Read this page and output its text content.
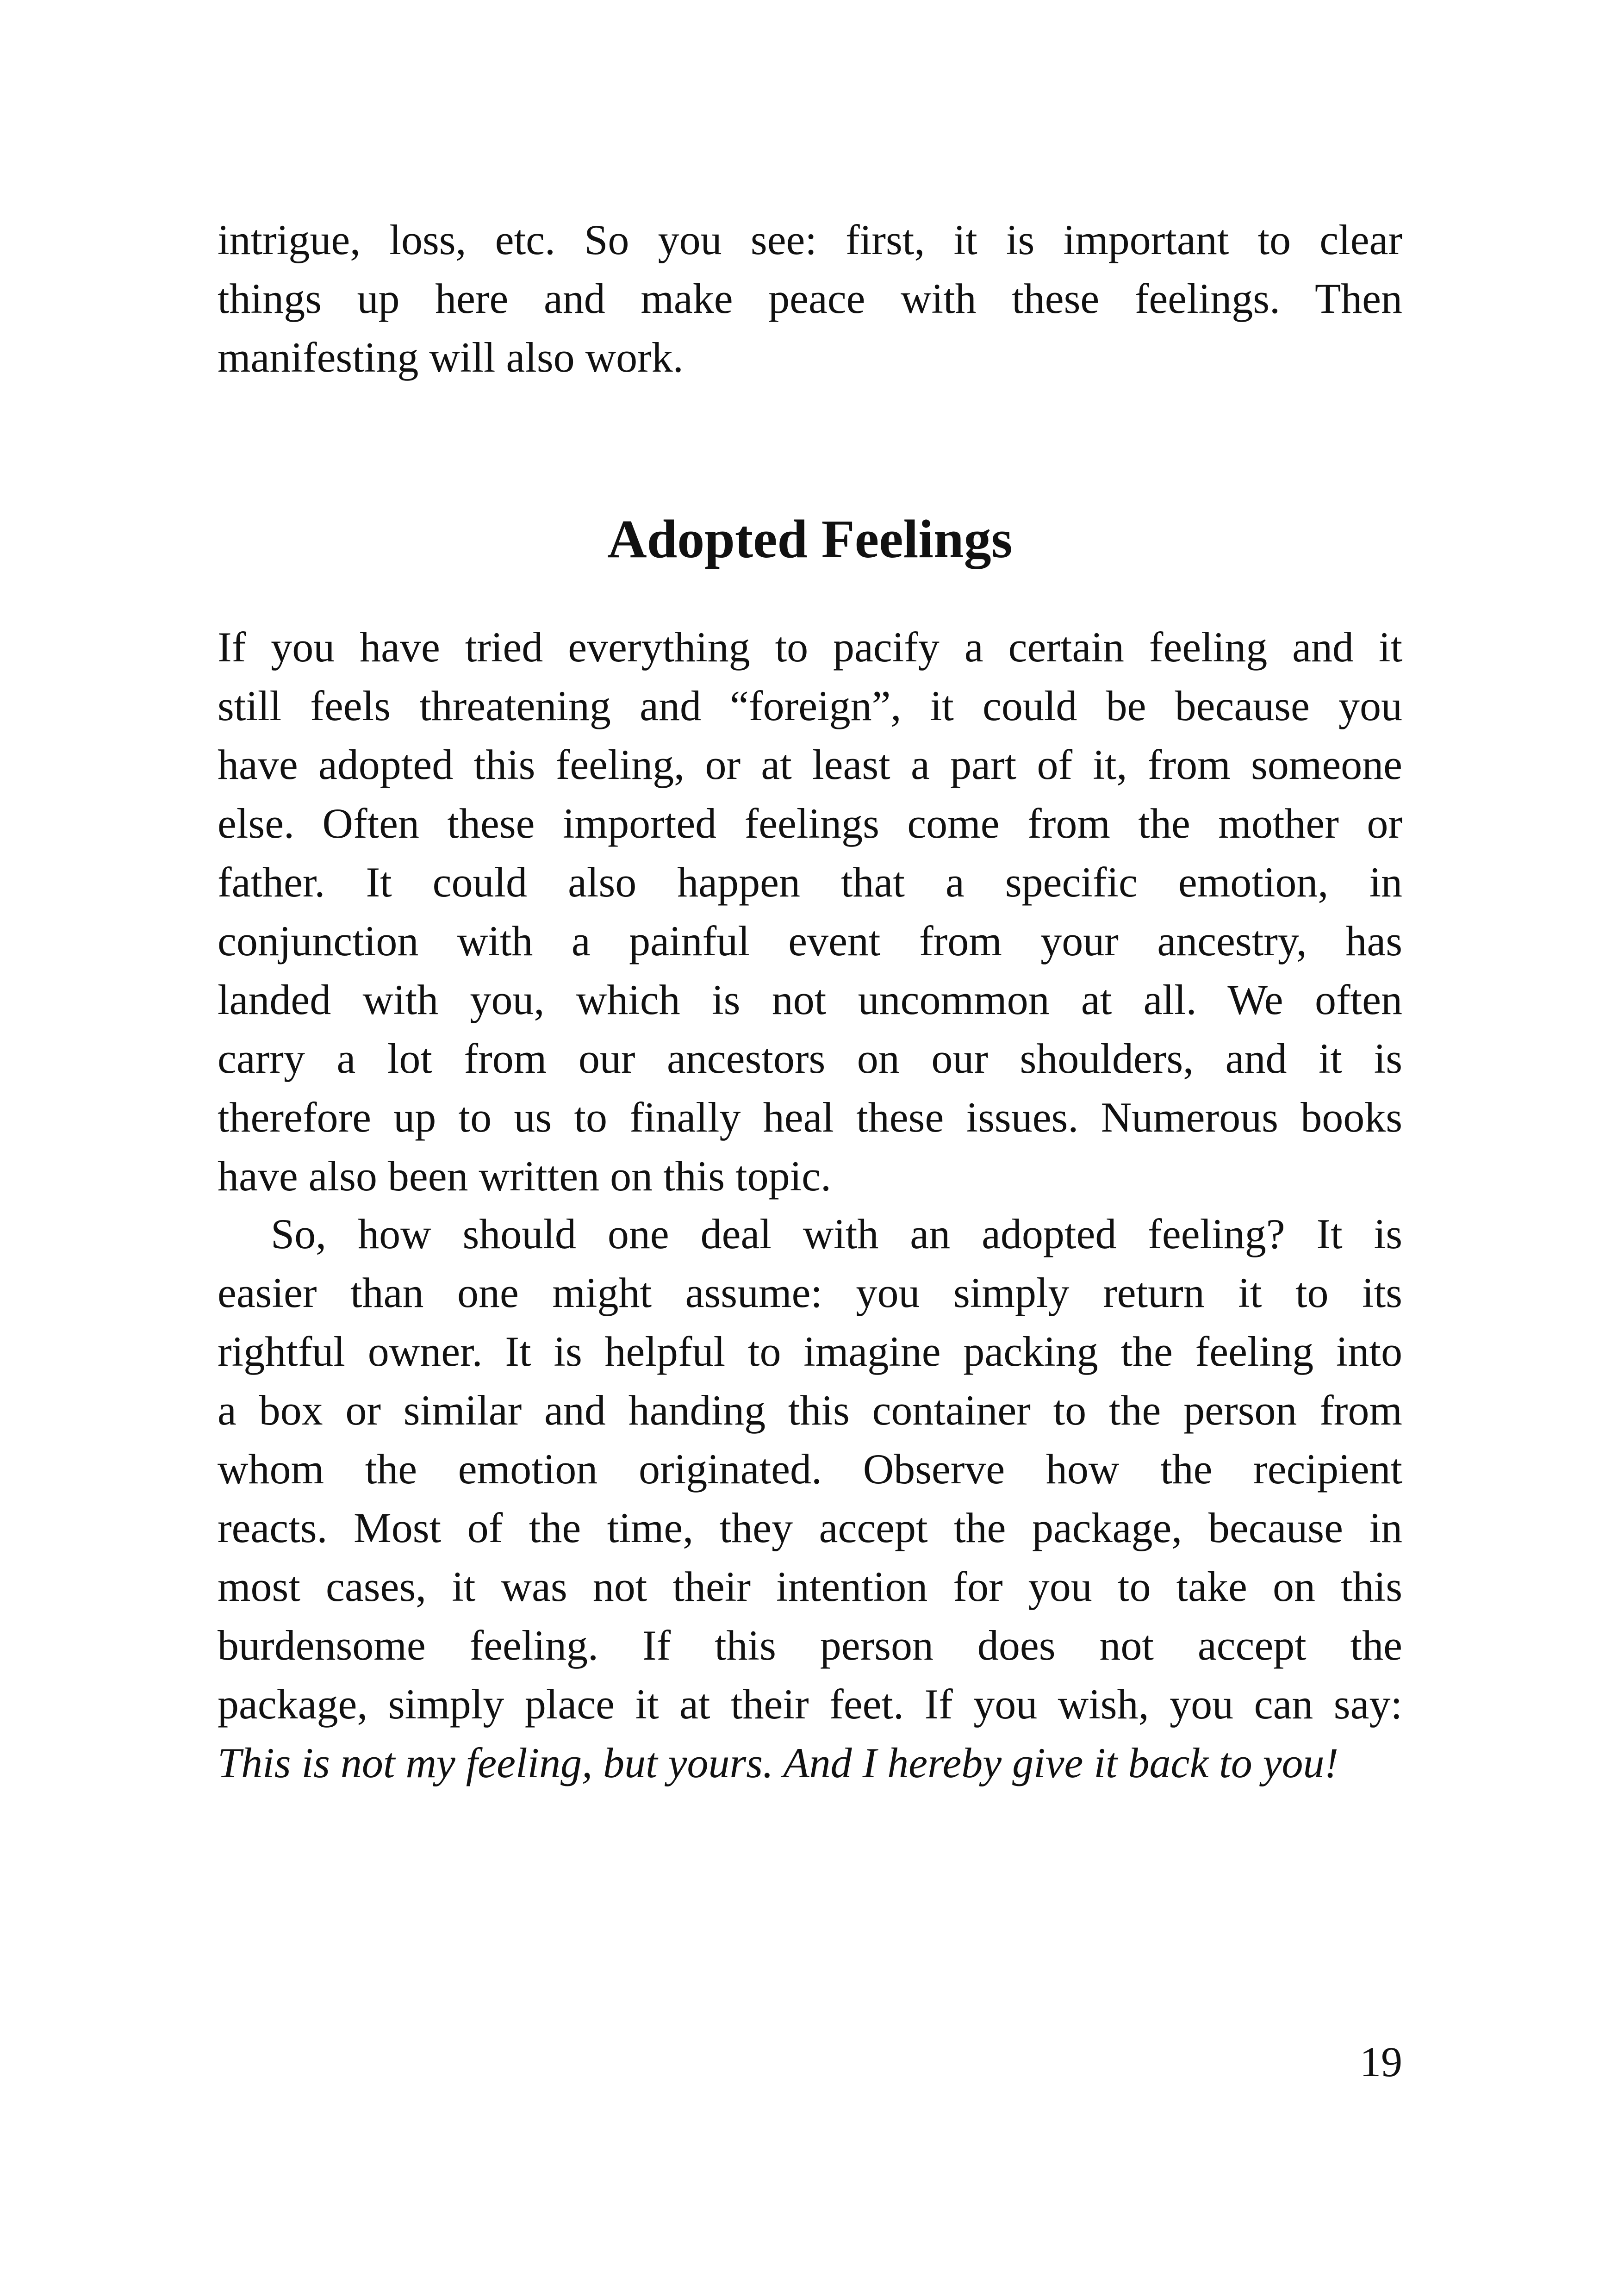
intrigue, loss, etc. So you see: first, it is important to clear
things up here and make peace with these feelings. Then
manifesting will also work.
Adopted Feelings
If you have tried everything to pacify a certain feeling and it
still feels threatening and “foreign”, it could be because you
have adopted this feeling, or at least a part of it, from someone
else. Often these imported feelings come from the mother or
father. It could also happen that a specific emotion, in
conjunction with a painful event from your ancestry, has
landed with you, which is not uncommon at all. We often
carry a lot from our ancestors on our shoulders, and it is
therefore up to us to finally heal these issues. Numerous books
have also been written on this topic.
So, how should one deal with an adopted feeling? It is
easier than one might assume: you simply return it to its
rightful owner. It is helpful to imagine packing the feeling into
a box or similar and handing this container to the person from
whom the emotion originated. Observe how the recipient
reacts. Most of the time, they accept the package, because in
most cases, it was not their intention for you to take on this
burdensome feeling. If this person does not accept the
package, simply place it at their feet. If you wish, you can say:
This is not my feeling, but yours. And I hereby give it back to you!
19
